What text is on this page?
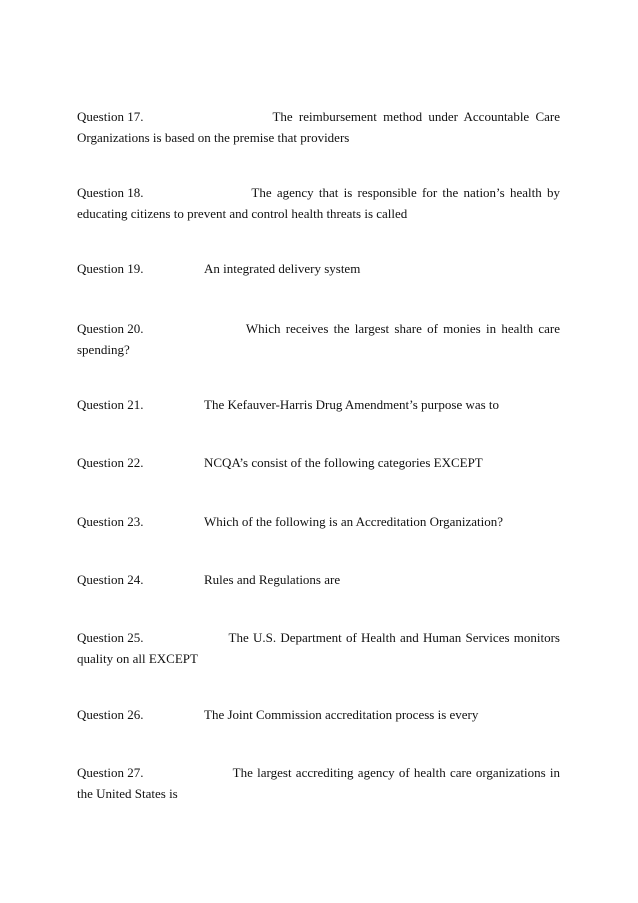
Question 17.	The reimbursement method under Accountable Care
Organizations is based on the premise that providers
Question 18.	The agency that is responsible for the nation’s health by
educating citizens to prevent and control health threats is called
Question 19.	An integrated delivery system
Question 20.	Which receives the largest share of monies in health care
spending?
Question 21.	The Kefauver-Harris Drug Amendment’s purpose was to
Question 22.	NCQA’s consist of the following categories EXCEPT
Question 23.	Which of the following is an Accreditation Organization?
Question 24.	Rules and Regulations are
Question 25.	The U.S. Department of Health and Human Services monitors
quality on all EXCEPT
Question 26.	The Joint Commission accreditation process is every
Question 27.	The largest accrediting agency of health care organizations in
the United States is
